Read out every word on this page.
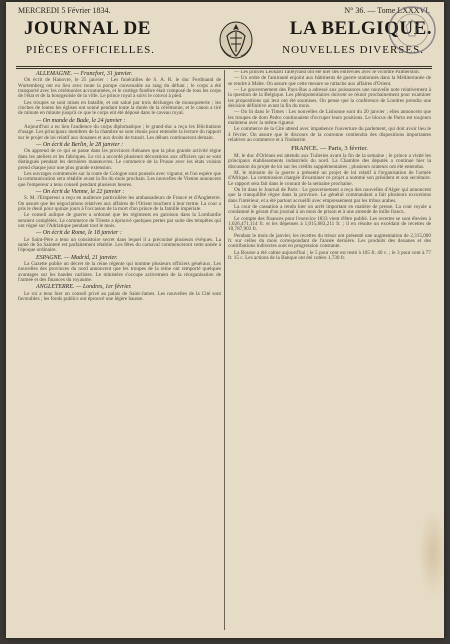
MERCREDI 5 Février 1834.	N° 36. — Tome LXXXVI.
JOURNAL DE	LA BELGIQUE.
PIÈCES OFFICIELLES.	NOUVELLES DIVERSES.

ALLEMAGNE. — Francfort, 31 janvier.

On écrit de Hanovre, le 25 janvier : Les funérailles de S. A. R. le duc Ferdinand de Wurtemberg ont eu lieu avec toute la pompe convenable au rang du défunt ; le corps a été transporté avec les cérémonies accoutumées, et le cortège funèbre était composé de tous les corps de l'état et de la bourgeoisie de la ville. Le prince royal a suivi le convoi à pied.

Les troupes se sont mises en bataille, et ont salué par trois décharges de mousqueterie ; les cloches de toutes les églises ont sonné pendant toute la durée de la cérémonie, et le canon a tiré de minute en minute jusqu'à ce que le corps eût été déposé dans le caveau royal.

— On mande de Bade, le 24 janvier :

Aujourd'hui a eu lieu l'audience du corps diplomatique ; le grand-duc a reçu les félicitations d'usage. Les principaux membres de la chambre se sont réunis pour entendre la lecture du rapport sur le projet de loi relatif aux douanes et aux droits de transit. Les débats continueront demain.

— On écrit de Berlin, le 28 janvier :

On apprend de ce qui se passe dans les provinces rhénanes que la plus grande activité règne dans les ateliers et les fabriques. Le roi a accordé plusieurs décorations aux officiers qui se sont distingués pendant les dernières manœuvres. Le commerce de la Prusse avec les états voisins prend chaque jour une plus grande extension.

Les ouvrages commencés sur la route de Cologne sont poussés avec vigueur, et l'on espère que la communication sera rétablie avant la fin du mois prochain. Les nouvelles de Vienne annoncent que l'empereur a tenu conseil pendant plusieurs heures.

— On écrit de Vienne, le 22 janvier :

S. M. l'Empereur a reçu en audience particulière les ambassadeurs de France et d'Angleterre. On assure que les négociations relatives aux affaires de l'Orient touchent à leur terme. La cour a pris le deuil pour quinze jours à l'occasion de la mort d'un prince de la famille impériale.

Le conseil aulique de guerre a ordonné que les régiments en garnison dans la Lombardie seraient complétés. Le commerce de Trieste a éprouvé quelques pertes par suite des tempêtes qui ont régné sur l'Adriatique pendant tout le mois.

— On écrit de Rome, le 18 janvier :

Le Saint-Père a tenu un consistoire secret dans lequel il a préconisé plusieurs évêques. La santé de Sa Sainteté est parfaitement rétablie. Les fêtes du carnaval commenceront cette année à l'époque ordinaire.

ESPAGNE. — Madrid, 21 janvier.

La Gazette publie un décret de la reine régente qui nomme plusieurs officiers généraux. Les nouvelles des provinces du nord annoncent que les troupes de la reine ont remporté quelques avantages sur les bandes carlistes. Le ministère s'occupe activement de la réorganisation de l'armée et des finances du royaume.

ANGLETERRE. — Londres, 1er février.

Le roi a tenu hier un conseil privé au palais de Saint-James. Les nouvelles de la Cité sont favorables ; les fonds publics ont éprouvé une légère hausse.

— Les princes Léonard Talleyrand ont été hier des entrevues avec le vicomte Palmerston.

— Un ordre de l'amirauté enjoint aux bâtiments de guerre stationnés dans la Méditerranée de se rendre à Malte. On assure que cette mesure se rattache aux affaires d'Orient.

— Le gouvernement des Pays-Bas a adressé aux puissances une nouvelle note relativement à la question de la Belgique. Les plénipotentiaires doivent se réunir prochainement pour examiner les propositions qui leur ont été soumises. On pense que la conférence de Londres prendra une décision définitive avant la fin du mois.

— On lit dans le Times : Les nouvelles de Lisbonne sont du 20 janvier ; elles annoncent que les troupes de dom Pedro continuaient d'occuper leurs positions. Le blocus de Porto est toujours maintenu avec la même rigueur.

Le commerce de la Cité attend avec impatience l'ouverture du parlement, qui doit avoir lieu le 4 février. On assure que le discours de la couronne contiendra des dispositions importantes relatives au commerce et à l'industrie.

FRANCE. — Paris, 3 février.

M. le duc d'Orléans est attendu aux Tuileries avant la fin de la semaine ; le prince a visité les principaux établissements industriels du nord. La Chambre des députés a continué hier la discussion du projet de loi sur les crédits supplémentaires ; plusieurs orateurs ont été entendus.

M. le ministre de la guerre a présenté un projet de loi relatif à l'organisation de l'armée d'Afrique. La commission chargée d'examiner ce projet a nommé son président et son secrétaire. Le rapport sera fait dans le courant de la semaine prochaine.

On lit dans le Journal de Paris : Le gouvernement a reçu des nouvelles d'Alger qui annoncent que la tranquillité règne dans la province. Le général commandant a fait plusieurs excursions dans l'intérieur, et a été partout accueilli avec empressement par les tribus arabes.

La cour de cassation a rendu hier un arrêt important en matière de presse. La cour royale a condamné le gérant d'un journal à un mois de prison et à une amende de mille francs.

Le compte des finances pour l'exercice 1833 vient d'être publié. Les recettes se sont élevées à 1,026,471,114 fr. et les dépenses à 1,015,683,211 fr. ; il en résulte un excédant de recettes de 10,787,903 fr.

Pendant le mois de janvier, les recettes du trésor ont présenté une augmentation de 2,315,000 fr. sur celles du mois correspondant de l'année dernière. Les produits des douanes et des contributions indirectes sont en progression constante.

La Bourse a été calme aujourd'hui ; le 5 pour cent est resté à 105 fr. 40 c. ; le 3 pour cent à 77 fr. 15 c. Les actions de la Banque ont été cotées 1,730 fr.
